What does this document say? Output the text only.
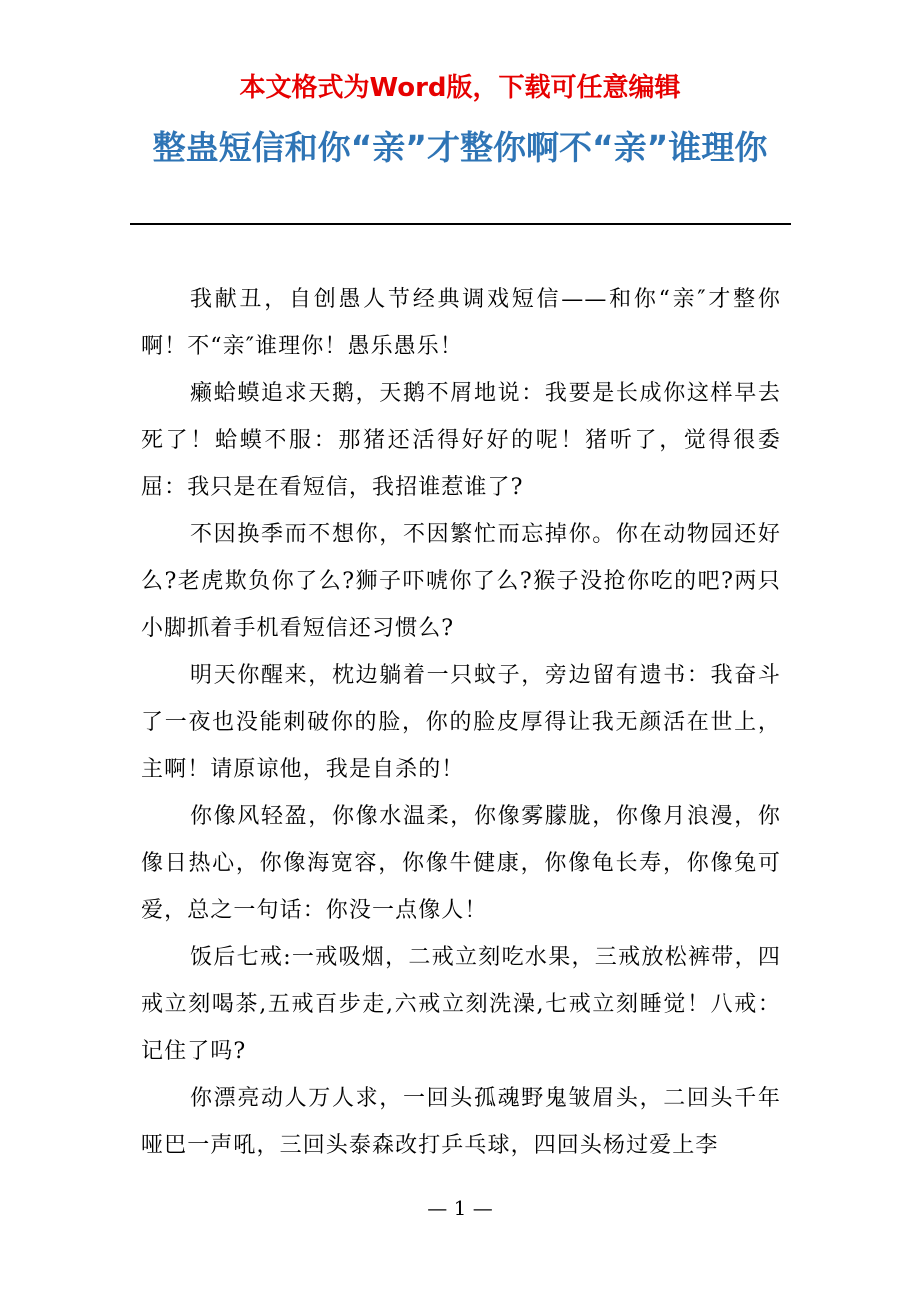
本文格式为Word版，下载可任意编辑

整蛊短信和你“亲”才整你啊不“亲”谁理你

我献丑，自创愚人节经典调戏短信——和你“亲″才整你啊！不“亲″谁理你！愚乐愚乐！

癞蛤蟆追求天鹅，天鹅不屑地说：我要是长成你这样早去死了！蛤蟆不服：那猪还活得好好的呢！猪听了，觉得很委屈：我只是在看短信，我招谁惹谁了?

不因换季而不想你，不因繁忙而忘掉你。你在动物园还好么?老虎欺负你了么?狮子吓唬你了么?猴子没抢你吃的吧?两只小脚抓着手机看短信还习惯么?

明天你醒来，枕边躺着一只蚊子，旁边留有遗书：我奋斗了一夜也没能刺破你的脸，你的脸皮厚得让我无颜活在世上，主啊！请原谅他，我是自杀的！

你像风轻盈，你像水温柔，你像雾朦胧，你像月浪漫，你像日热心，你像海宽容，你像牛健康，你像龟长寿，你像兔可爱，总之一句话：你没一点像人！

饭后七戒:一戒吸烟，二戒立刻吃水果，三戒放松裤带，四戒立刻喝茶,五戒百步走,六戒立刻洗澡,七戒立刻睡觉！八戒：记住了吗?

你漂亮动人万人求，一回头孤魂野鬼皱眉头，二回头千年哑巴一声吼，三回头泰森改打乒乓球，四回头杨过爱上李

— 1 —
